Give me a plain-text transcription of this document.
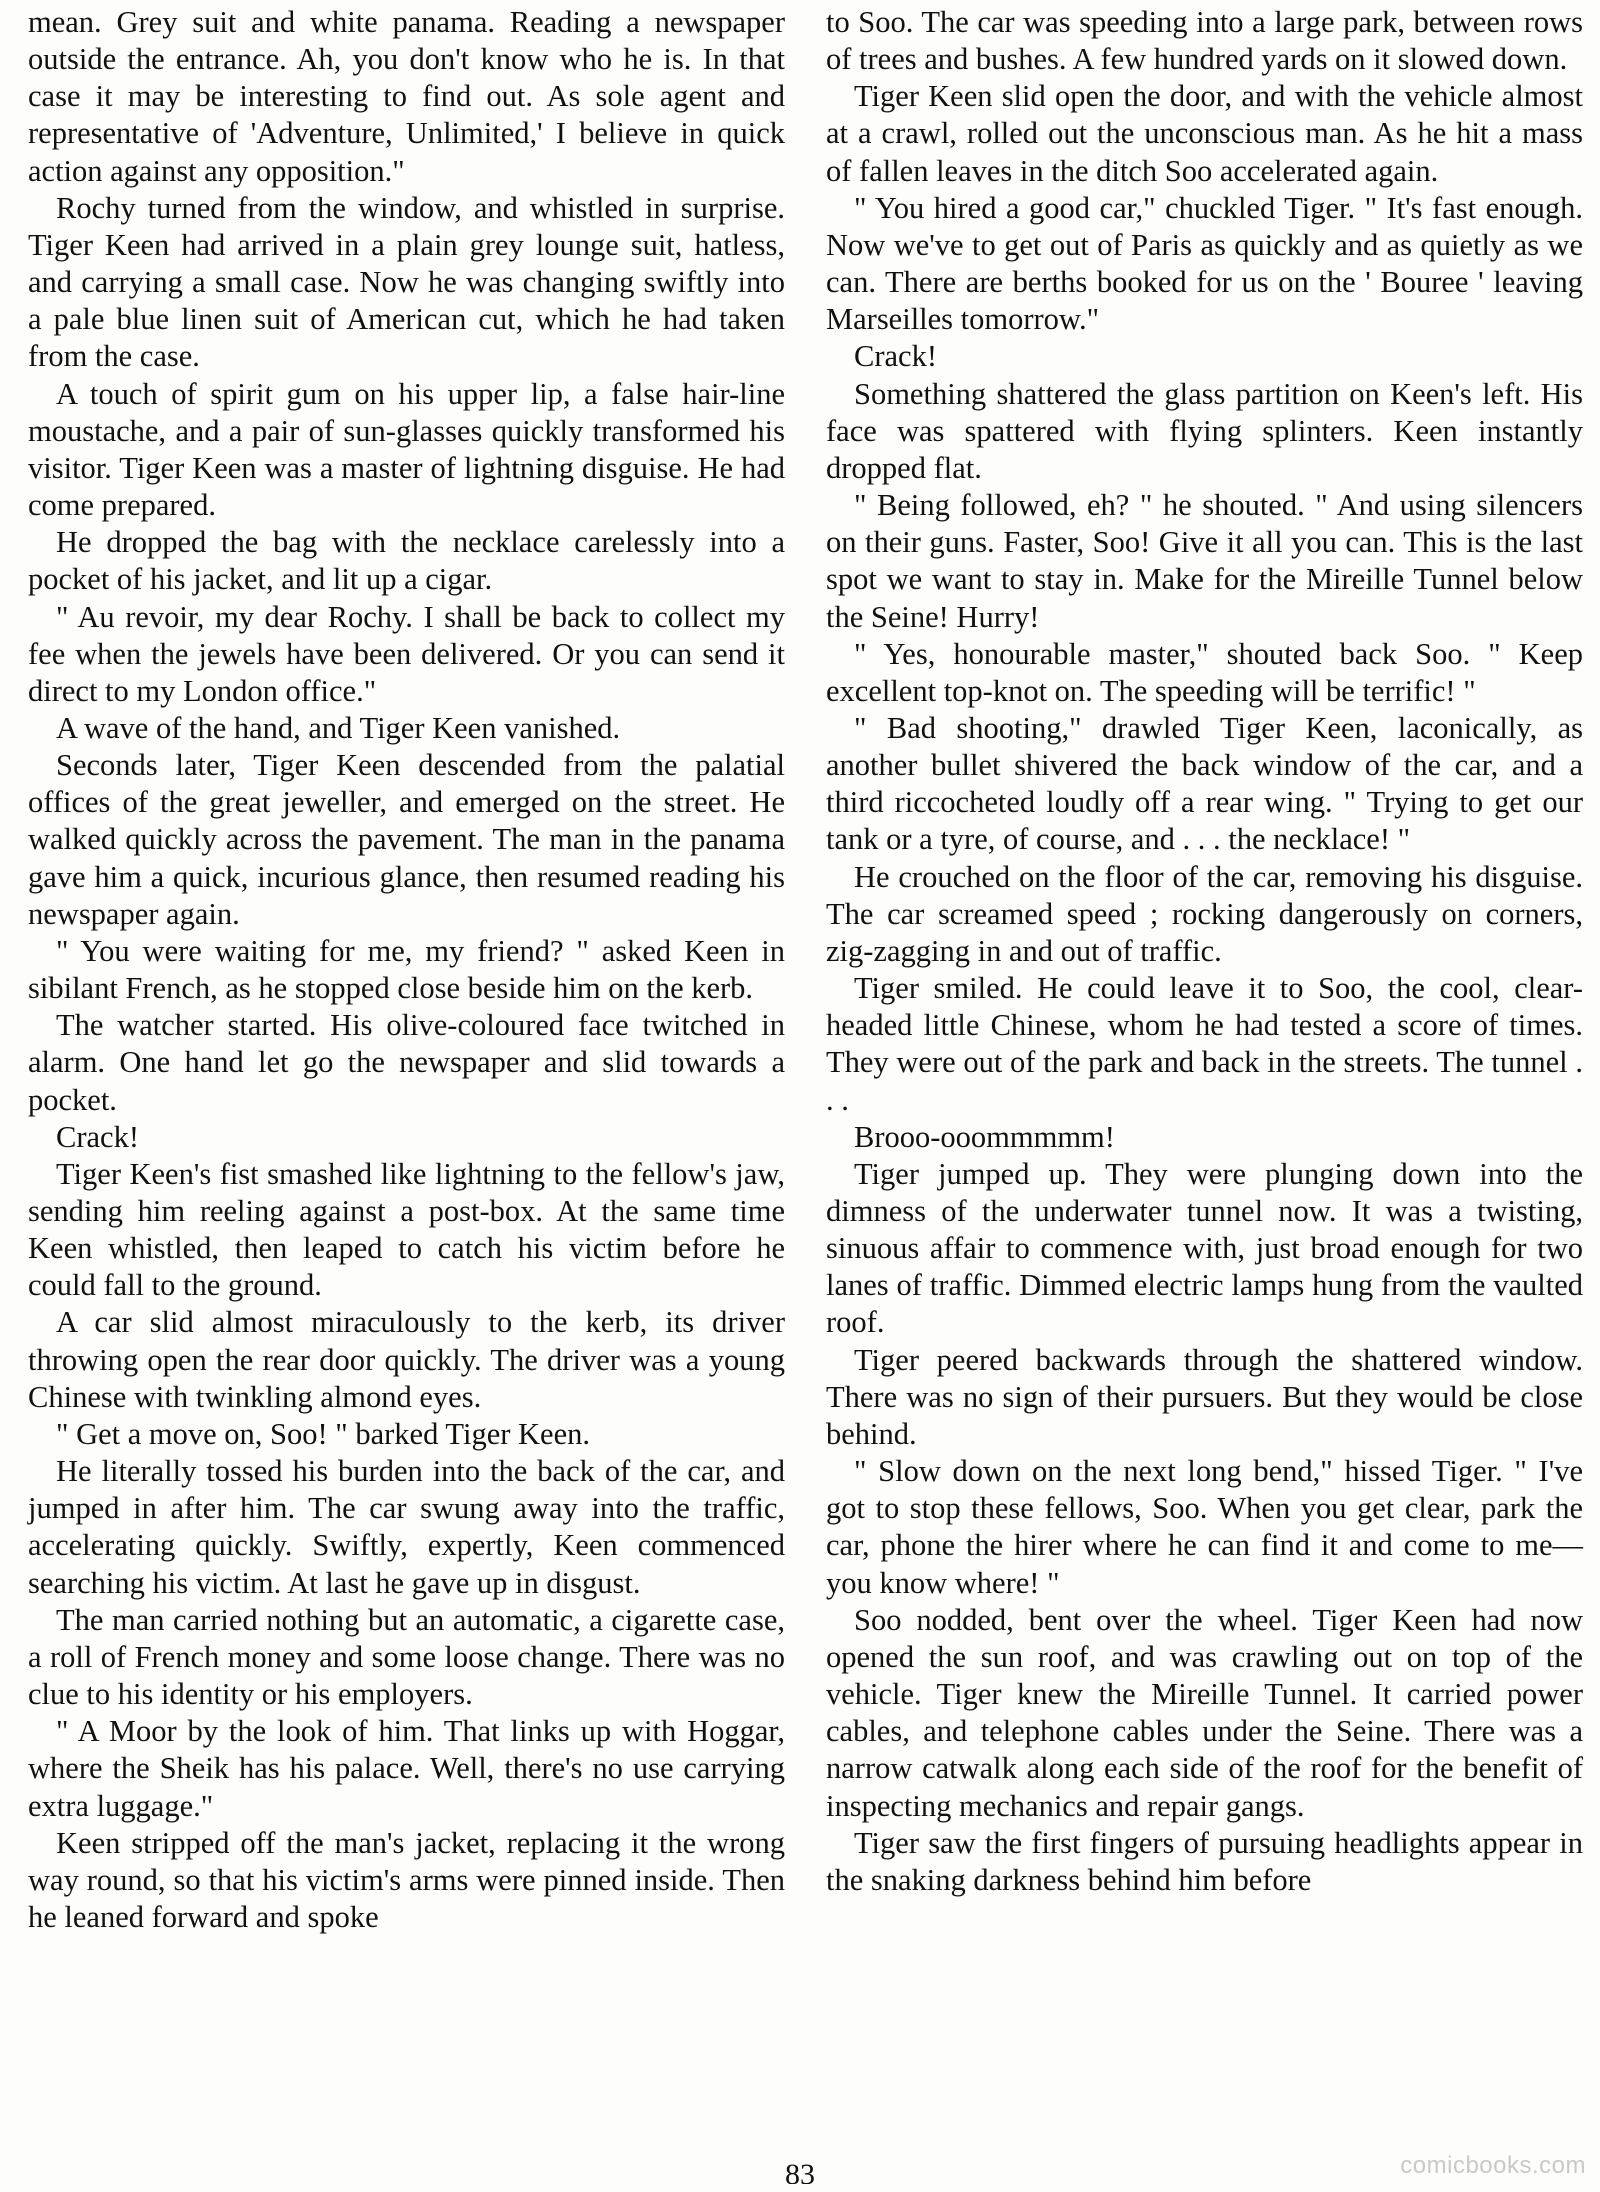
mean. Grey suit and white panama. Reading a newspaper outside the entrance. Ah, you don't know who he is. In that case it may be interesting to find out. As sole agent and representative of 'Adventure, Unlimited,' I believe in quick action against any opposition."

Rochy turned from the window, and whistled in surprise. Tiger Keen had arrived in a plain grey lounge suit, hatless, and carrying a small case. Now he was changing swiftly into a pale blue linen suit of American cut, which he had taken from the case.

A touch of spirit gum on his upper lip, a false hair-line moustache, and a pair of sun-glasses quickly transformed his visitor. Tiger Keen was a master of lightning disguise. He had come prepared.

He dropped the bag with the necklace carelessly into a pocket of his jacket, and lit up a cigar.

" Au revoir, my dear Rochy. I shall be back to collect my fee when the jewels have been delivered. Or you can send it direct to my London office."

A wave of the hand, and Tiger Keen vanished.

Seconds later, Tiger Keen descended from the palatial offices of the great jeweller, and emerged on the street. He walked quickly across the pavement. The man in the panama gave him a quick, incurious glance, then resumed reading his newspaper again.

" You were waiting for me, my friend? " asked Keen in sibilant French, as he stopped close beside him on the kerb.

The watcher started. His olive-coloured face twitched in alarm. One hand let go the newspaper and slid towards a pocket.

Crack!

Tiger Keen's fist smashed like lightning to the fellow's jaw, sending him reeling against a post-box. At the same time Keen whistled, then leaped to catch his victim before he could fall to the ground.

A car slid almost miraculously to the kerb, its driver throwing open the rear door quickly. The driver was a young Chinese with twinkling almond eyes.

" Get a move on, Soo! " barked Tiger Keen.

He literally tossed his burden into the back of the car, and jumped in after him. The car swung away into the traffic, accelerating quickly. Swiftly, expertly, Keen commenced searching his victim. At last he gave up in disgust.

The man carried nothing but an automatic, a cigarette case, a roll of French money and some loose change. There was no clue to his identity or his employers.

" A Moor by the look of him. That links up with Hoggar, where the Sheik has his palace. Well, there's no use carrying extra luggage."

Keen stripped off the man's jacket, replacing it the wrong way round, so that his victim's arms were pinned inside. Then he leaned forward and spoke

to Soo. The car was speeding into a large park, between rows of trees and bushes. A few hundred yards on it slowed down.

Tiger Keen slid open the door, and with the vehicle almost at a crawl, rolled out the unconscious man. As he hit a mass of fallen leaves in the ditch Soo accelerated again.

" You hired a good car," chuckled Tiger. " It's fast enough. Now we've to get out of Paris as quickly and as quietly as we can. There are berths booked for us on the ' Bouree ' leaving Marseilles tomorrow."

Crack!

Something shattered the glass partition on Keen's left. His face was spattered with flying splinters. Keen instantly dropped flat.

" Being followed, eh? " he shouted. " And using silencers on their guns. Faster, Soo! Give it all you can. This is the last spot we want to stay in. Make for the Mireille Tunnel below the Seine! Hurry!

" Yes, honourable master," shouted back Soo. " Keep excellent top-knot on. The speeding will be terrific! "

" Bad shooting," drawled Tiger Keen, laconically, as another bullet shivered the back window of the car, and a third riccocheted loudly off a rear wing. " Trying to get our tank or a tyre, of course, and . . . the necklace! "

He crouched on the floor of the car, removing his disguise. The car screamed speed ; rocking dangerously on corners, zig-zagging in and out of traffic.

Tiger smiled. He could leave it to Soo, the cool, clear-headed little Chinese, whom he had tested a score of times. They were out of the park and back in the streets. The tunnel . . .

Brooo-ooommmmm!

Tiger jumped up. They were plunging down into the dimness of the underwater tunnel now. It was a twisting, sinuous affair to commence with, just broad enough for two lanes of traffic. Dimmed electric lamps hung from the vaulted roof.

Tiger peered backwards through the shattered window. There was no sign of their pursuers. But they would be close behind.

" Slow down on the next long bend," hissed Tiger. " I've got to stop these fellows, Soo. When you get clear, park the car, phone the hirer where he can find it and come to me—you know where! "

Soo nodded, bent over the wheel. Tiger Keen had now opened the sun roof, and was crawling out on top of the vehicle. Tiger knew the Mireille Tunnel. It carried power cables, and telephone cables under the Seine. There was a narrow catwalk along each side of the roof for the benefit of inspecting mechanics and repair gangs.

Tiger saw the first fingers of pursuing headlights appear in the snaking darkness behind him before

83	comicbooks.com
